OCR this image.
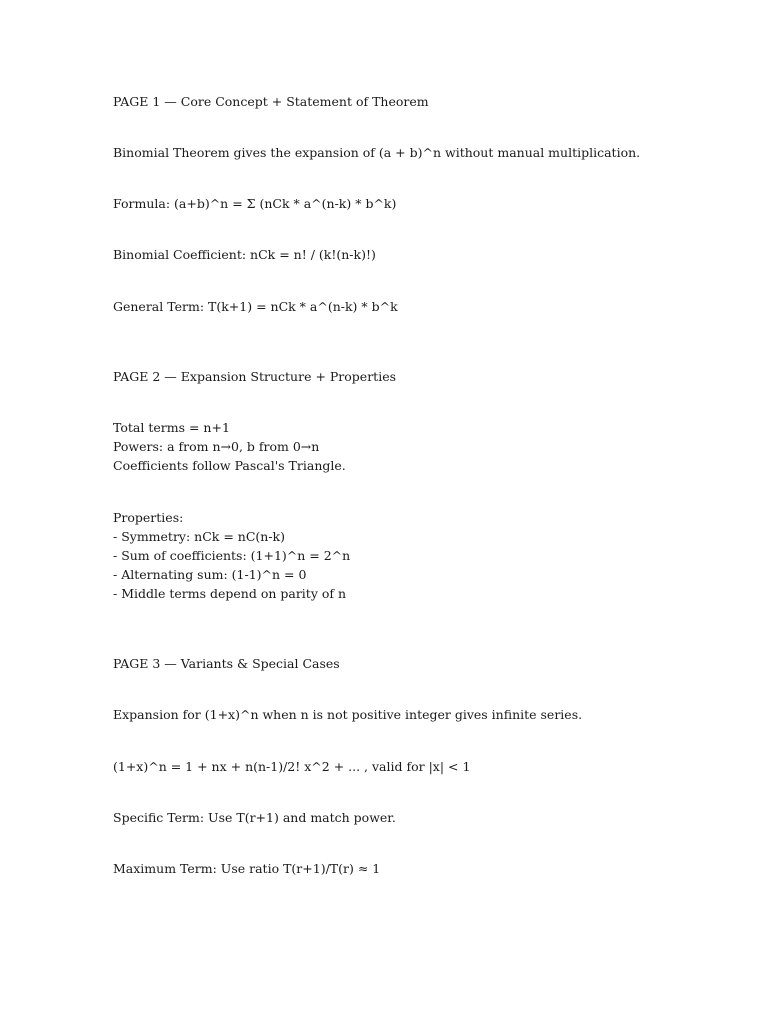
PAGE 1 — Core Concept + Statement of Theorem

Binomial Theorem gives the expansion of (a + b)^n without manual multiplication.

Formula: (a+b)^n = Σ (nCk * a^(n-k) * b^k)

Binomial Coefficient: nCk = n! / (k!(n-k)!)

General Term: T(k+1) = nCk * a^(n-k) * b^k

PAGE 2 — Expansion Structure + Properties

Total terms = n+1

Powers: a from n→0, b from 0→n

Coefficients follow Pascal's Triangle.

Properties:

- Symmetry: nCk = nC(n-k)

- Sum of coefficients: (1+1)^n = 2^n

- Alternating sum: (1-1)^n = 0

- Middle terms depend on parity of n

PAGE 3 — Variants & Special Cases

Expansion for (1+x)^n when n is not positive integer gives infinite series.

(1+x)^n = 1 + nx + n(n-1)/2! x^2 + ... , valid for |x| < 1

Specific Term: Use T(r+1) and match power.

Maximum Term: Use ratio T(r+1)/T(r) ≈ 1
